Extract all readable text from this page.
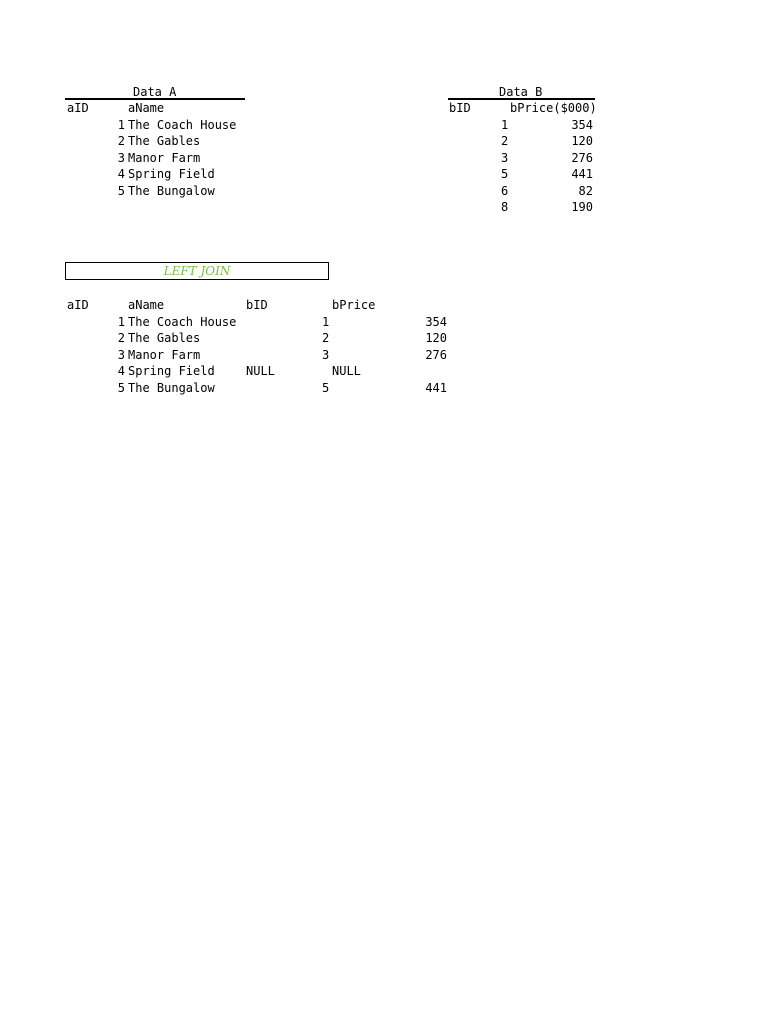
Data A
aID	aName
1 The Coach House
2 The Gables
3 Manor Farm
4 Spring Field
5 The Bungalow
Data B
bID	bPrice($000)
1	354
2	120
3	276
5	441
6	82
8	190
LEFT JOIN
aID	aName	bID	bPrice
1 The Coach House	1	354
2 The Gables	2	120
3 Manor Farm	3	276
4 Spring Field	NULL	NULL
5 The Bungalow	5	441
